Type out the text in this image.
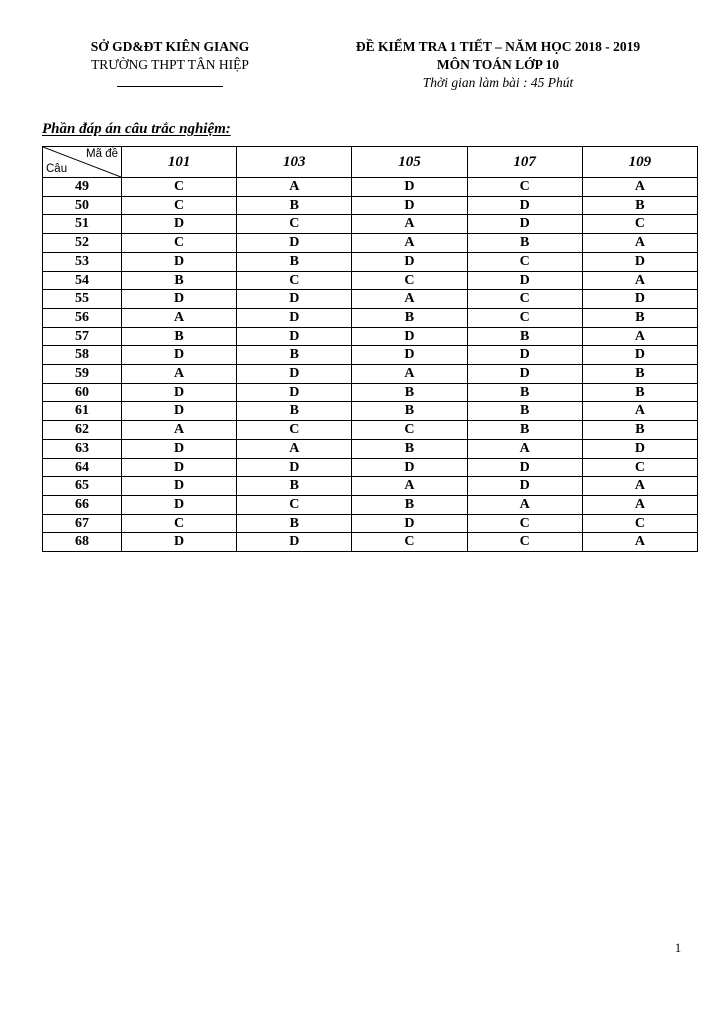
SỞ GD&ĐT KIÊN GIANG
TRƯỜNG THPT TÂN HIỆP
ĐỀ KIỂM TRA 1 TIẾT – NĂM HỌC 2018 - 2019
MÔN TOÁN LỚP 10
Thời gian làm bài : 45 Phút
Phần đáp án câu trắc nghiệm:
Mã đề
Câu	101	103	105	107	109
49	C	A	D	C	A
50	C	B	D	D	B
51	D	C	A	D	C
52	C	D	A	B	A
53	D	B	D	C	D
54	B	C	C	D	A
55	D	D	A	C	D
56	A	D	B	C	B
57	B	D	D	B	A
58	D	B	D	D	D
59	A	D	A	D	B
60	D	D	B	B	B
61	D	B	B	B	A
62	A	C	C	B	B
63	D	A	B	A	D
64	D	D	D	D	C
65	D	B	A	D	A
66	D	C	B	A	A
67	C	B	D	C	C
68	D	D	C	C	A
1
